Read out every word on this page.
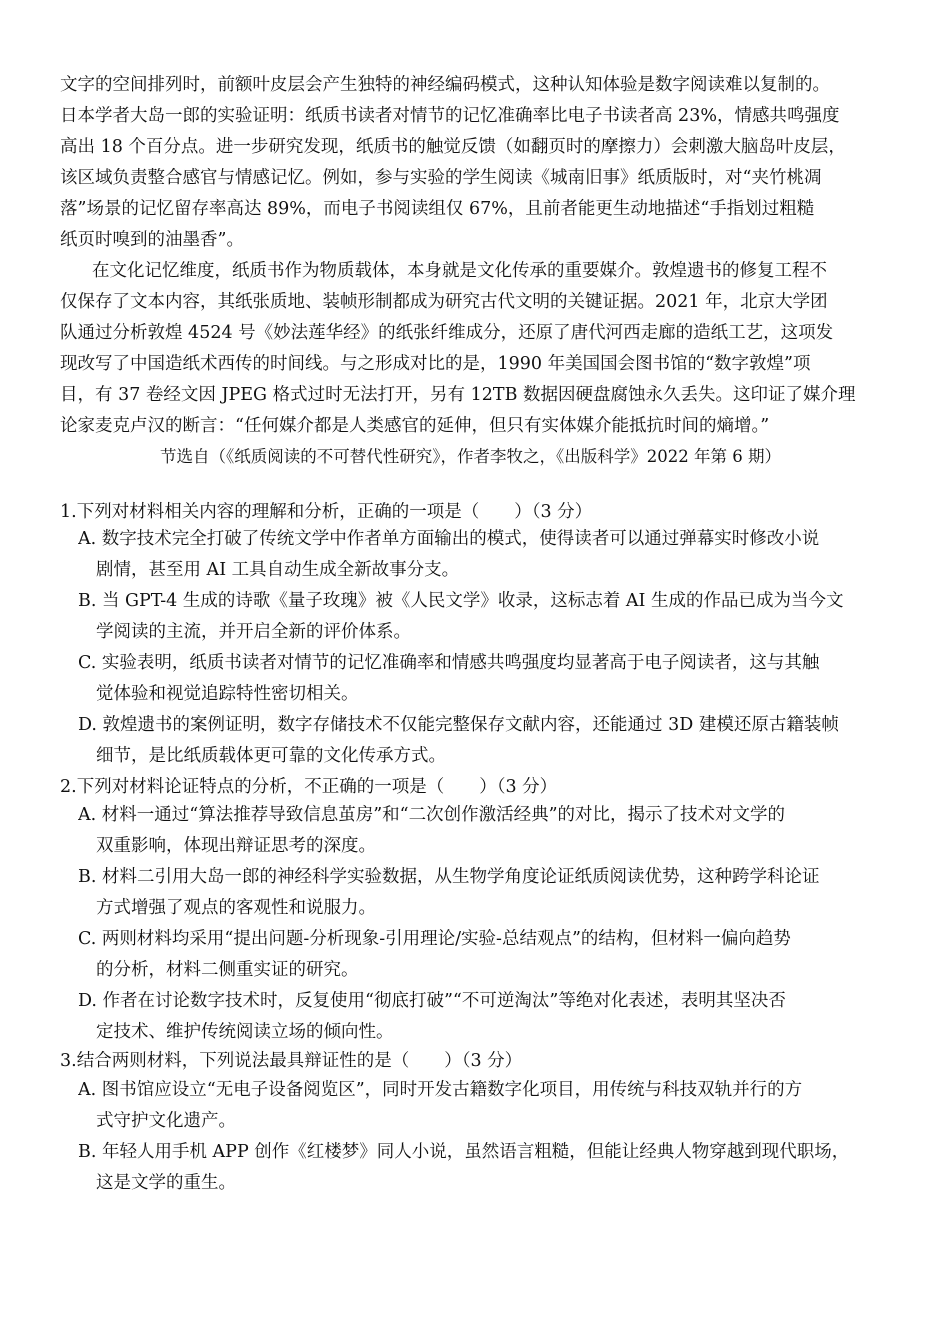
文字的空间排列时，前额叶皮层会产生独特的神经编码模式，这种认知体验是数字阅读难以复制的。
日本学者大岛一郎的实验证明：纸质书读者对情节的记忆准确率比电子书读者高 23%，情感共鸣强度
高出 18 个百分点。进一步研究发现，纸质书的触觉反馈（如翻页时的摩擦力）会刺激大脑岛叶皮层，
该区域负责整合感官与情感记忆。例如，参与实验的学生阅读《城南旧事》纸质版时，对“夹竹桃凋
落”场景的记忆留存率高达 89%，而电子书阅读组仅 67%，且前者能更生动地描述“手指划过粗糙
纸页时嗅到的油墨香”。
在文化记忆维度，纸质书作为物质载体，本身就是文化传承的重要媒介。敦煌遗书的修复工程不
仅保存了文本内容，其纸张质地、装帧形制都成为研究古代文明的关键证据。2021 年，北京大学团
队通过分析敦煌 4524 号《妙法莲华经》的纸张纤维成分，还原了唐代河西走廊的造纸工艺，这项发
现改写了中国造纸术西传的时间线。与之形成对比的是，1990 年美国国会图书馆的“数字敦煌”项
目，有 37 卷经文因 JPEG 格式过时无法打开，另有 12TB 数据因硬盘腐蚀永久丢失。这印证了媒介理
论家麦克卢汉的断言：“任何媒介都是人类感官的延伸，但只有实体媒介能抵抗时间的熵增。”
节选自（《纸质阅读的不可替代性研究》，作者李牧之，《出版科学》2022 年第 6 期）
1.下列对材料相关内容的理解和分析，正确的一项是（　　）（3 分）
A. 数字技术完全打破了传统文学中作者单方面输出的模式，使得读者可以通过弹幕实时修改小说
剧情，甚至用 AI 工具自动生成全新故事分支。
B. 当 GPT-4 生成的诗歌《量子玫瑰》被《人民文学》收录，这标志着 AI 生成的作品已成为当今文
学阅读的主流，并开启全新的评价体系。
C. 实验表明，纸质书读者对情节的记忆准确率和情感共鸣强度均显著高于电子阅读者，这与其触
觉体验和视觉追踪特性密切相关。
D. 敦煌遗书的案例证明，数字存储技术不仅能完整保存文献内容，还能通过 3D 建模还原古籍装帧
细节，是比纸质载体更可靠的文化传承方式。
2.下列对材料论证特点的分析，不正确的一项是（　　）（3 分）
A. 材料一通过“算法推荐导致信息茧房”和“二次创作激活经典”的对比，揭示了技术对文学的
双重影响，体现出辩证思考的深度。
B. 材料二引用大岛一郎的神经科学实验数据，从生物学角度论证纸质阅读优势，这种跨学科论证
方式增强了观点的客观性和说服力。
C. 两则材料均采用“提出问题-分析现象-引用理论/实验-总结观点”的结构，但材料一偏向趋势
的分析，材料二侧重实证的研究。
D. 作者在讨论数字技术时，反复使用“彻底打破”“不可逆淘汰”等绝对化表述，表明其坚决否
定技术、维护传统阅读立场的倾向性。
3.结合两则材料，下列说法最具辩证性的是（　　）（3 分）
A. 图书馆应设立“无电子设备阅览区”，同时开发古籍数字化项目，用传统与科技双轨并行的方
式守护文化遗产。
B. 年轻人用手机 APP 创作《红楼梦》同人小说，虽然语言粗糙，但能让经典人物穿越到现代职场，
这是文学的重生。
